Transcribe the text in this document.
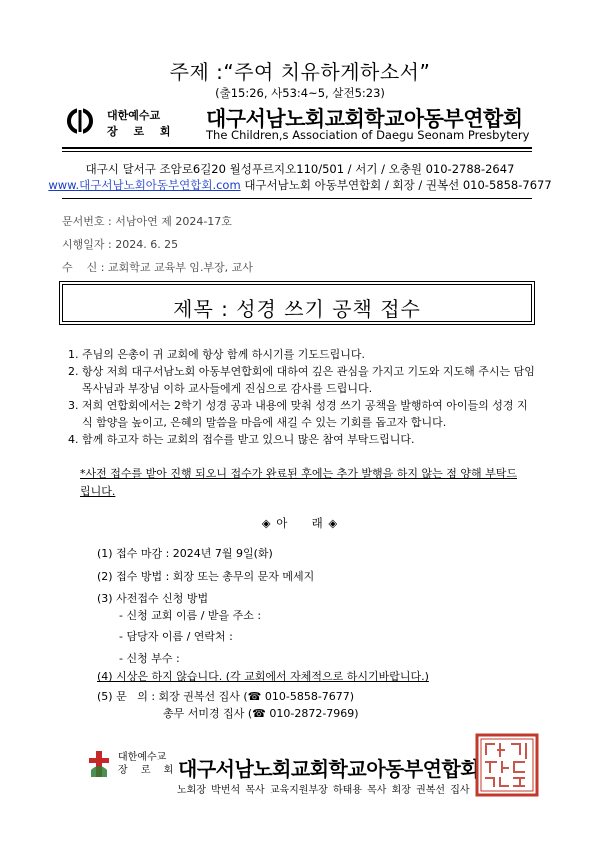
주제 :“주여 치유하게하소서”
(출15:26, 사53:4~5, 살전5:23)
대한예수교
장 로 회
대구서남노회교회학교아동부연합회
The Children,s Association of Daegu Seonam Presbytery
대구시 달서구 조암로6길20 월성푸르지오110/501 / 서기 / 오충원 010-2788-2647
www.대구서남노회아동부연합회.com 대구서남노회 아동부연합회 / 회장 / 권복선 010-5858-7677
문서번호 : 서남아연 제 2024-17호
시행일자 : 2024. 6. 25
수    신 : 교회학교 교육부 임.부장, 교사
제목 : 성경 쓰기 공책 접수
1. 주님의 은총이 귀 교회에 항상 함께 하시기를 기도드립니다.
2. 항상 저희 대구서남노회 아동부연합회에 대하여 깊은 관심을 가지고 기도와 지도해 주시는 담임목사님과 부장님 이하 교사들에게 진심으로 감사를 드립니다.
3. 저희 연합회에서는 2학기 성경 공과 내용에 맞춰 성경 쓰기 공책을 발행하여 아이들의 성경 지식 함양을 높이고, 은혜의 말씀을 마음에 새길 수 있는 기회를 돕고자 합니다.
4. 함께 하고자 하는 교회의 접수를 받고 있으니 많은 참여 부탁드립니다.
*사전 접수를 받아 진행 되오니 접수가 완료된 후에는 추가 발행을 하지 않는 점 양해 부탁드립니다.
◈ 아     래 ◈
(1) 접수 마감 : 2024년 7월 9일(화)
(2) 접수 방법 : 회장 또는 총무의 문자 메세지
(3) 사전접수 신청 방법
- 신청 교회 이름 / 받을 주소 :
- 담당자 이름 / 연락처 :
- 신청 부수 :
(4) 시상은 하지 않습니다. (각 교회에서 자체적으로 하시기바랍니다.)
(5) 문   의 : 회장 권복선 집사 (☎ 010-5858-7677)
총무 서미경 집사 (☎ 010-2872-7969)
대한예수교
장 로 회 대구서남노회교회학교아동부연합회
노회장 박번석 목사 교육지원부장 하태용 목사 회장 권복선 집사
